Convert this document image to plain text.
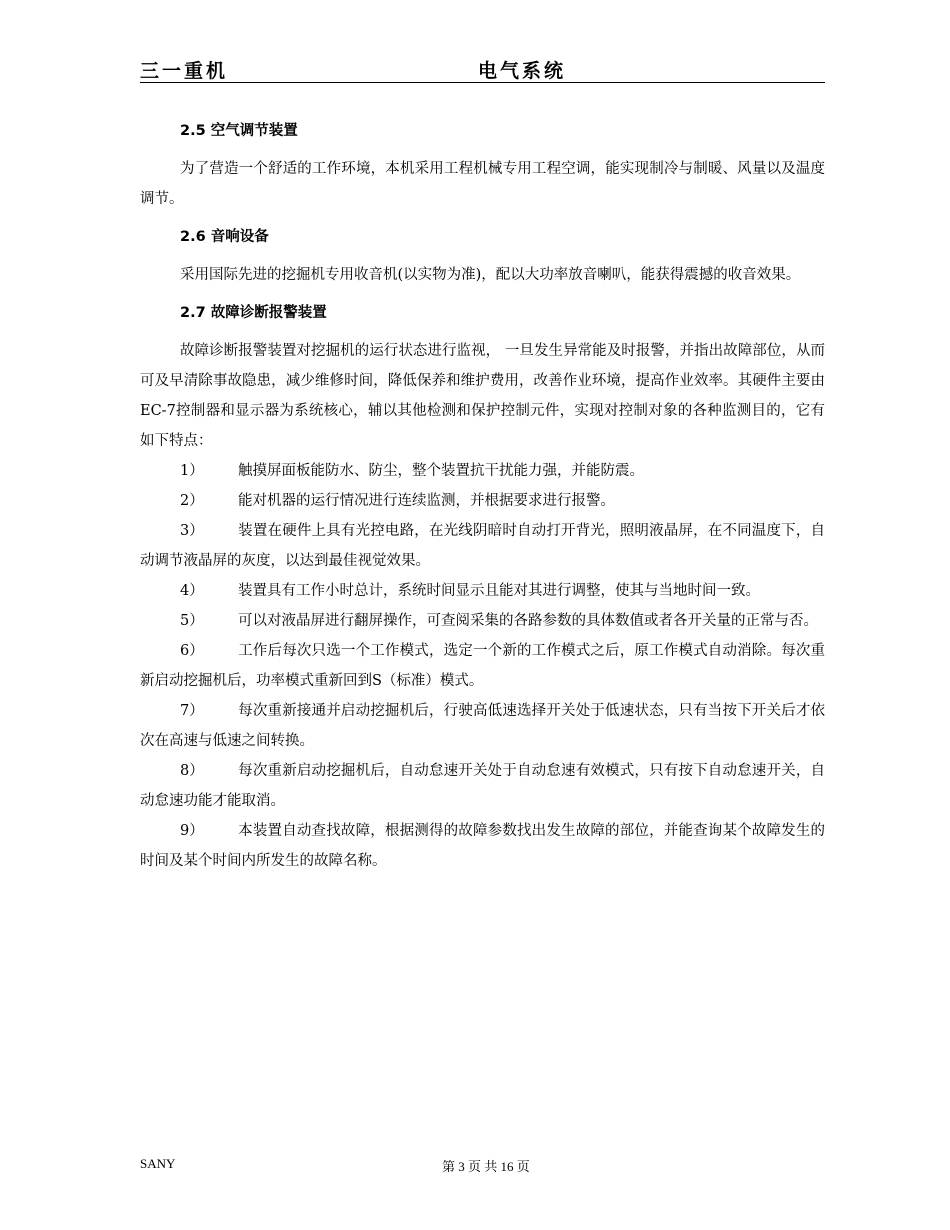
三一重机	电气系统
2.5 空气调节装置

为了营造一个舒适的工作环境，本机采用工程机械专用工程空调，能实现制冷与制暖、风量以及温度调节。

2.6 音响设备

采用国际先进的挖掘机专用收音机(以实物为准)，配以大功率放音喇叭，能获得震撼的收音效果。

2.7 故障诊断报警装置

故障诊断报警装置对挖掘机的运行状态进行监视， 一旦发生异常能及时报警，并指出故障部位，从而可及早清除事故隐患，减少维修时间，降低保养和维护费用，改善作业环境，提高作业效率。其硬件主要由EC-7控制器和显示器为系统核心，辅以其他检测和保护控制元件，实现对控制对象的各种监测目的，它有如下特点：

1） 触摸屏面板能防水、防尘，整个装置抗干扰能力强，并能防震。

2） 能对机器的运行情况进行连续监测，并根据要求进行报警。

3） 装置在硬件上具有光控电路，在光线阴暗时自动打开背光，照明液晶屏，在不同温度下，自动调节液晶屏的灰度，以达到最佳视觉效果。

4） 装置具有工作小时总计，系统时间显示且能对其进行调整，使其与当地时间一致。

5） 可以对液晶屏进行翻屏操作，可查阅采集的各路参数的具体数值或者各开关量的正常与否。

6） 工作后每次只选一个工作模式，选定一个新的工作模式之后，原工作模式自动消除。每次重新启动挖掘机后，功率模式重新回到S（标准）模式。

7） 每次重新接通并启动挖掘机后，行驶高低速选择开关处于低速状态，只有当按下开关后才依次在高速与低速之间转换。

8） 每次重新启动挖掘机后，自动怠速开关处于自动怠速有效模式，只有按下自动怠速开关，自动怠速功能才能取消。

9） 本装置自动查找故障，根据测得的故障参数找出发生故障的部位，并能查询某个故障发生的时间及某个时间内所发生的故障名称。

SANY	第 3 页 共 16 页
